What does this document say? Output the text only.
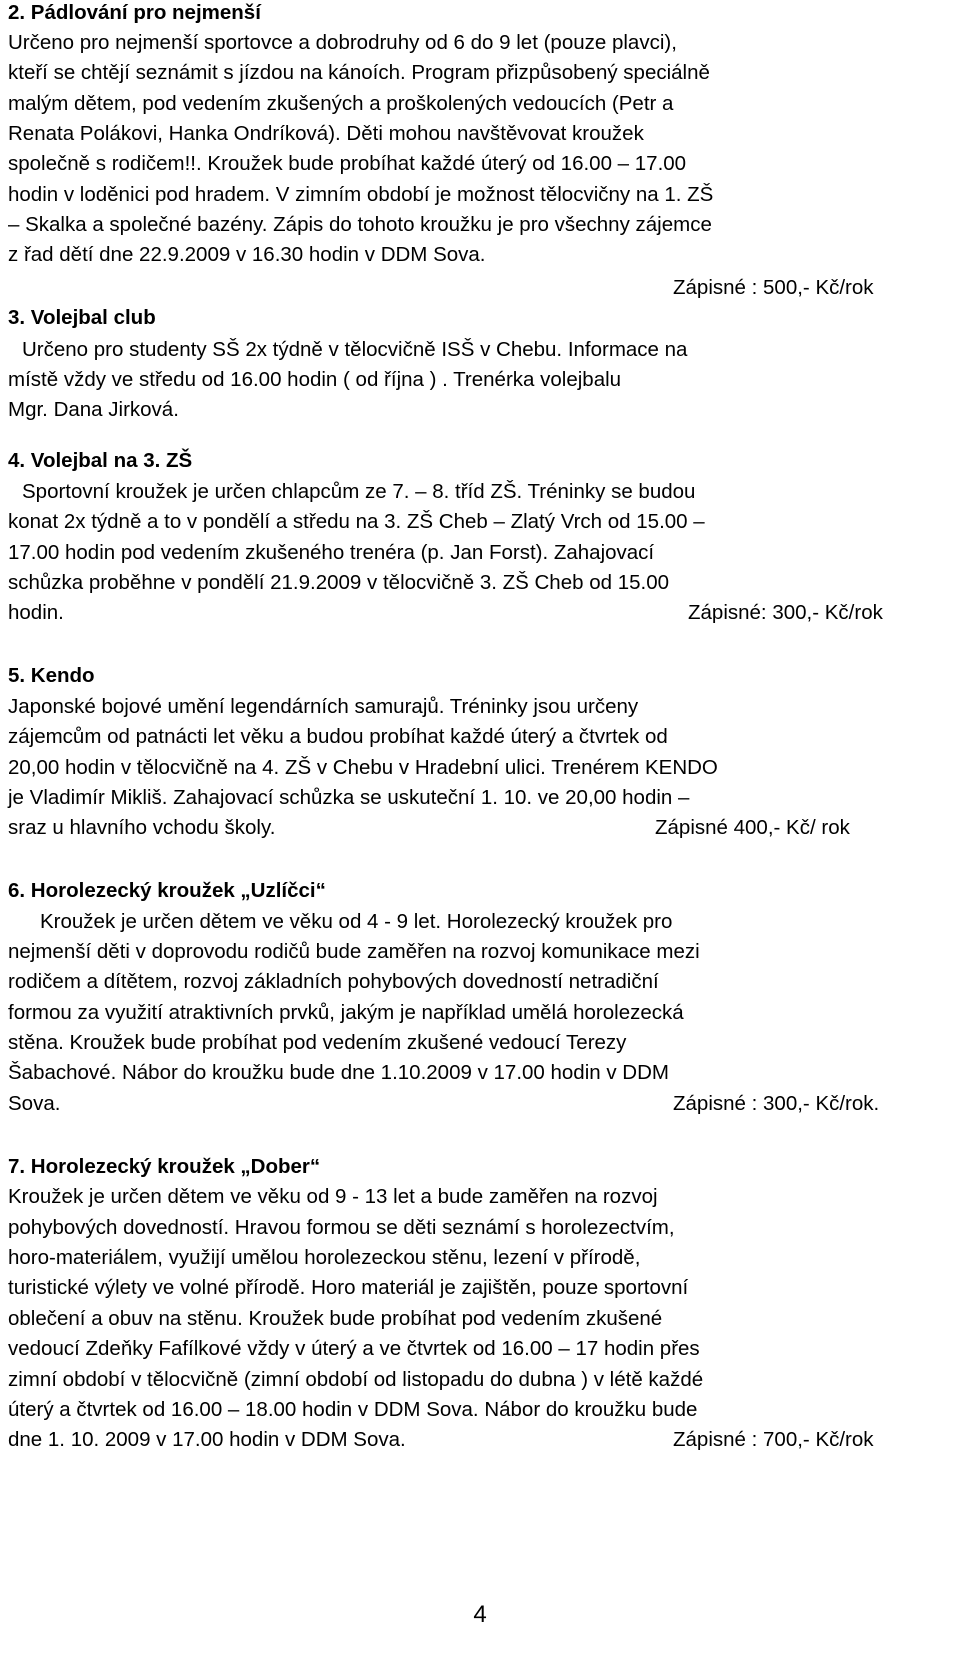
2. Pádlování pro nejmenší
Určeno pro nejmenší sportovce a dobrodruhy od 6 do 9 let (pouze plavci),
kteří se chtějí seznámit s jízdou na kánoích. Program přizpůsobený speciálně
malým dětem, pod vedením zkušených a proškolených vedoucích (Petr a
Renata Polákovi, Hanka Ondríková). Děti mohou navštěvovat kroužek
společně s rodičem!!. Kroužek bude probíhat každé úterý od 16.00 – 17.00
hodin v loděnici pod hradem. V zimním období je možnost tělocvičny na 1. ZŠ
– Skalka a společné bazény. Zápis do tohoto kroužku je pro všechny zájemce
z řad dětí dne 22.9.2009 v 16.30 hodin v DDM Sova.
Zápisné : 500,- Kč/rok
3. Volejbal club
Určeno pro studenty SŠ 2x týdně v tělocvičně ISŠ v Chebu. Informace na
místě vždy ve středu od 16.00 hodin ( od října ) . Trenérka volejbalu
Mgr. Dana Jirková.
4. Volejbal na 3. ZŠ
Sportovní kroužek je určen chlapcům ze 7. – 8. tříd ZŠ. Tréninky se budou
konat 2x týdně a to v pondělí a středu na 3. ZŠ Cheb – Zlatý Vrch od 15.00 –
17.00 hodin pod vedením zkušeného trenéra (p. Jan Forst). Zahajovací
schůzka proběhne v pondělí 21.9.2009 v tělocvičně 3. ZŠ Cheb od 15.00
hodin.	Zápisné: 300,- Kč/rok
5. Kendo
Japonské bojové umění legendárních samurajů. Tréninky jsou určeny
zájemcům od patnácti let věku a budou probíhat každé úterý a čtvrtek od
20,00 hodin v tělocvičně na 4. ZŠ v Chebu v Hradební ulici. Trenérem KENDO
je Vladimír Mikliš. Zahajovací schůzka se uskuteční 1. 10. ve 20,00 hodin –
sraz u hlavního vchodu školy.	Zápisné 400,- Kč/ rok
6. Horolezecký kroužek „Uzlíčci“
Kroužek je určen dětem ve věku od 4 - 9 let. Horolezecký kroužek pro
nejmenší děti v doprovodu rodičů bude zaměřen na rozvoj komunikace mezi
rodičem a dítětem, rozvoj základních pohybových dovedností netradiční
formou za využití atraktivních prvků, jakým je například umělá horolezecká
stěna. Kroužek bude probíhat pod vedením zkušené vedoucí Terezy
Šabachové. Nábor do kroužku bude dne 1.10.2009 v 17.00 hodin v DDM
Sova.	Zápisné : 300,- Kč/rok.
7. Horolezecký kroužek „Dober“
Kroužek je určen dětem ve věku od 9 - 13 let a bude zaměřen na rozvoj
pohybových dovedností. Hravou formou se děti seznámí s horolezectvím,
horo-materiálem, využijí umělou horolezeckou stěnu, lezení v přírodě,
turistické výlety ve volné přírodě. Horo materiál je zajištěn, pouze sportovní
oblečení a obuv na stěnu. Kroužek bude probíhat pod vedením zkušené
vedoucí Zdeňky Fafílkové vždy v úterý a ve čtvrtek od 16.00 – 17 hodin přes
zimní období v tělocvičně (zimní období od listopadu do dubna ) v létě každé
úterý a čtvrtek od 16.00 – 18.00 hodin v DDM Sova. Nábor do kroužku bude
dne 1. 10. 2009 v 17.00 hodin v DDM Sova.	Zápisné : 700,- Kč/rok
4
